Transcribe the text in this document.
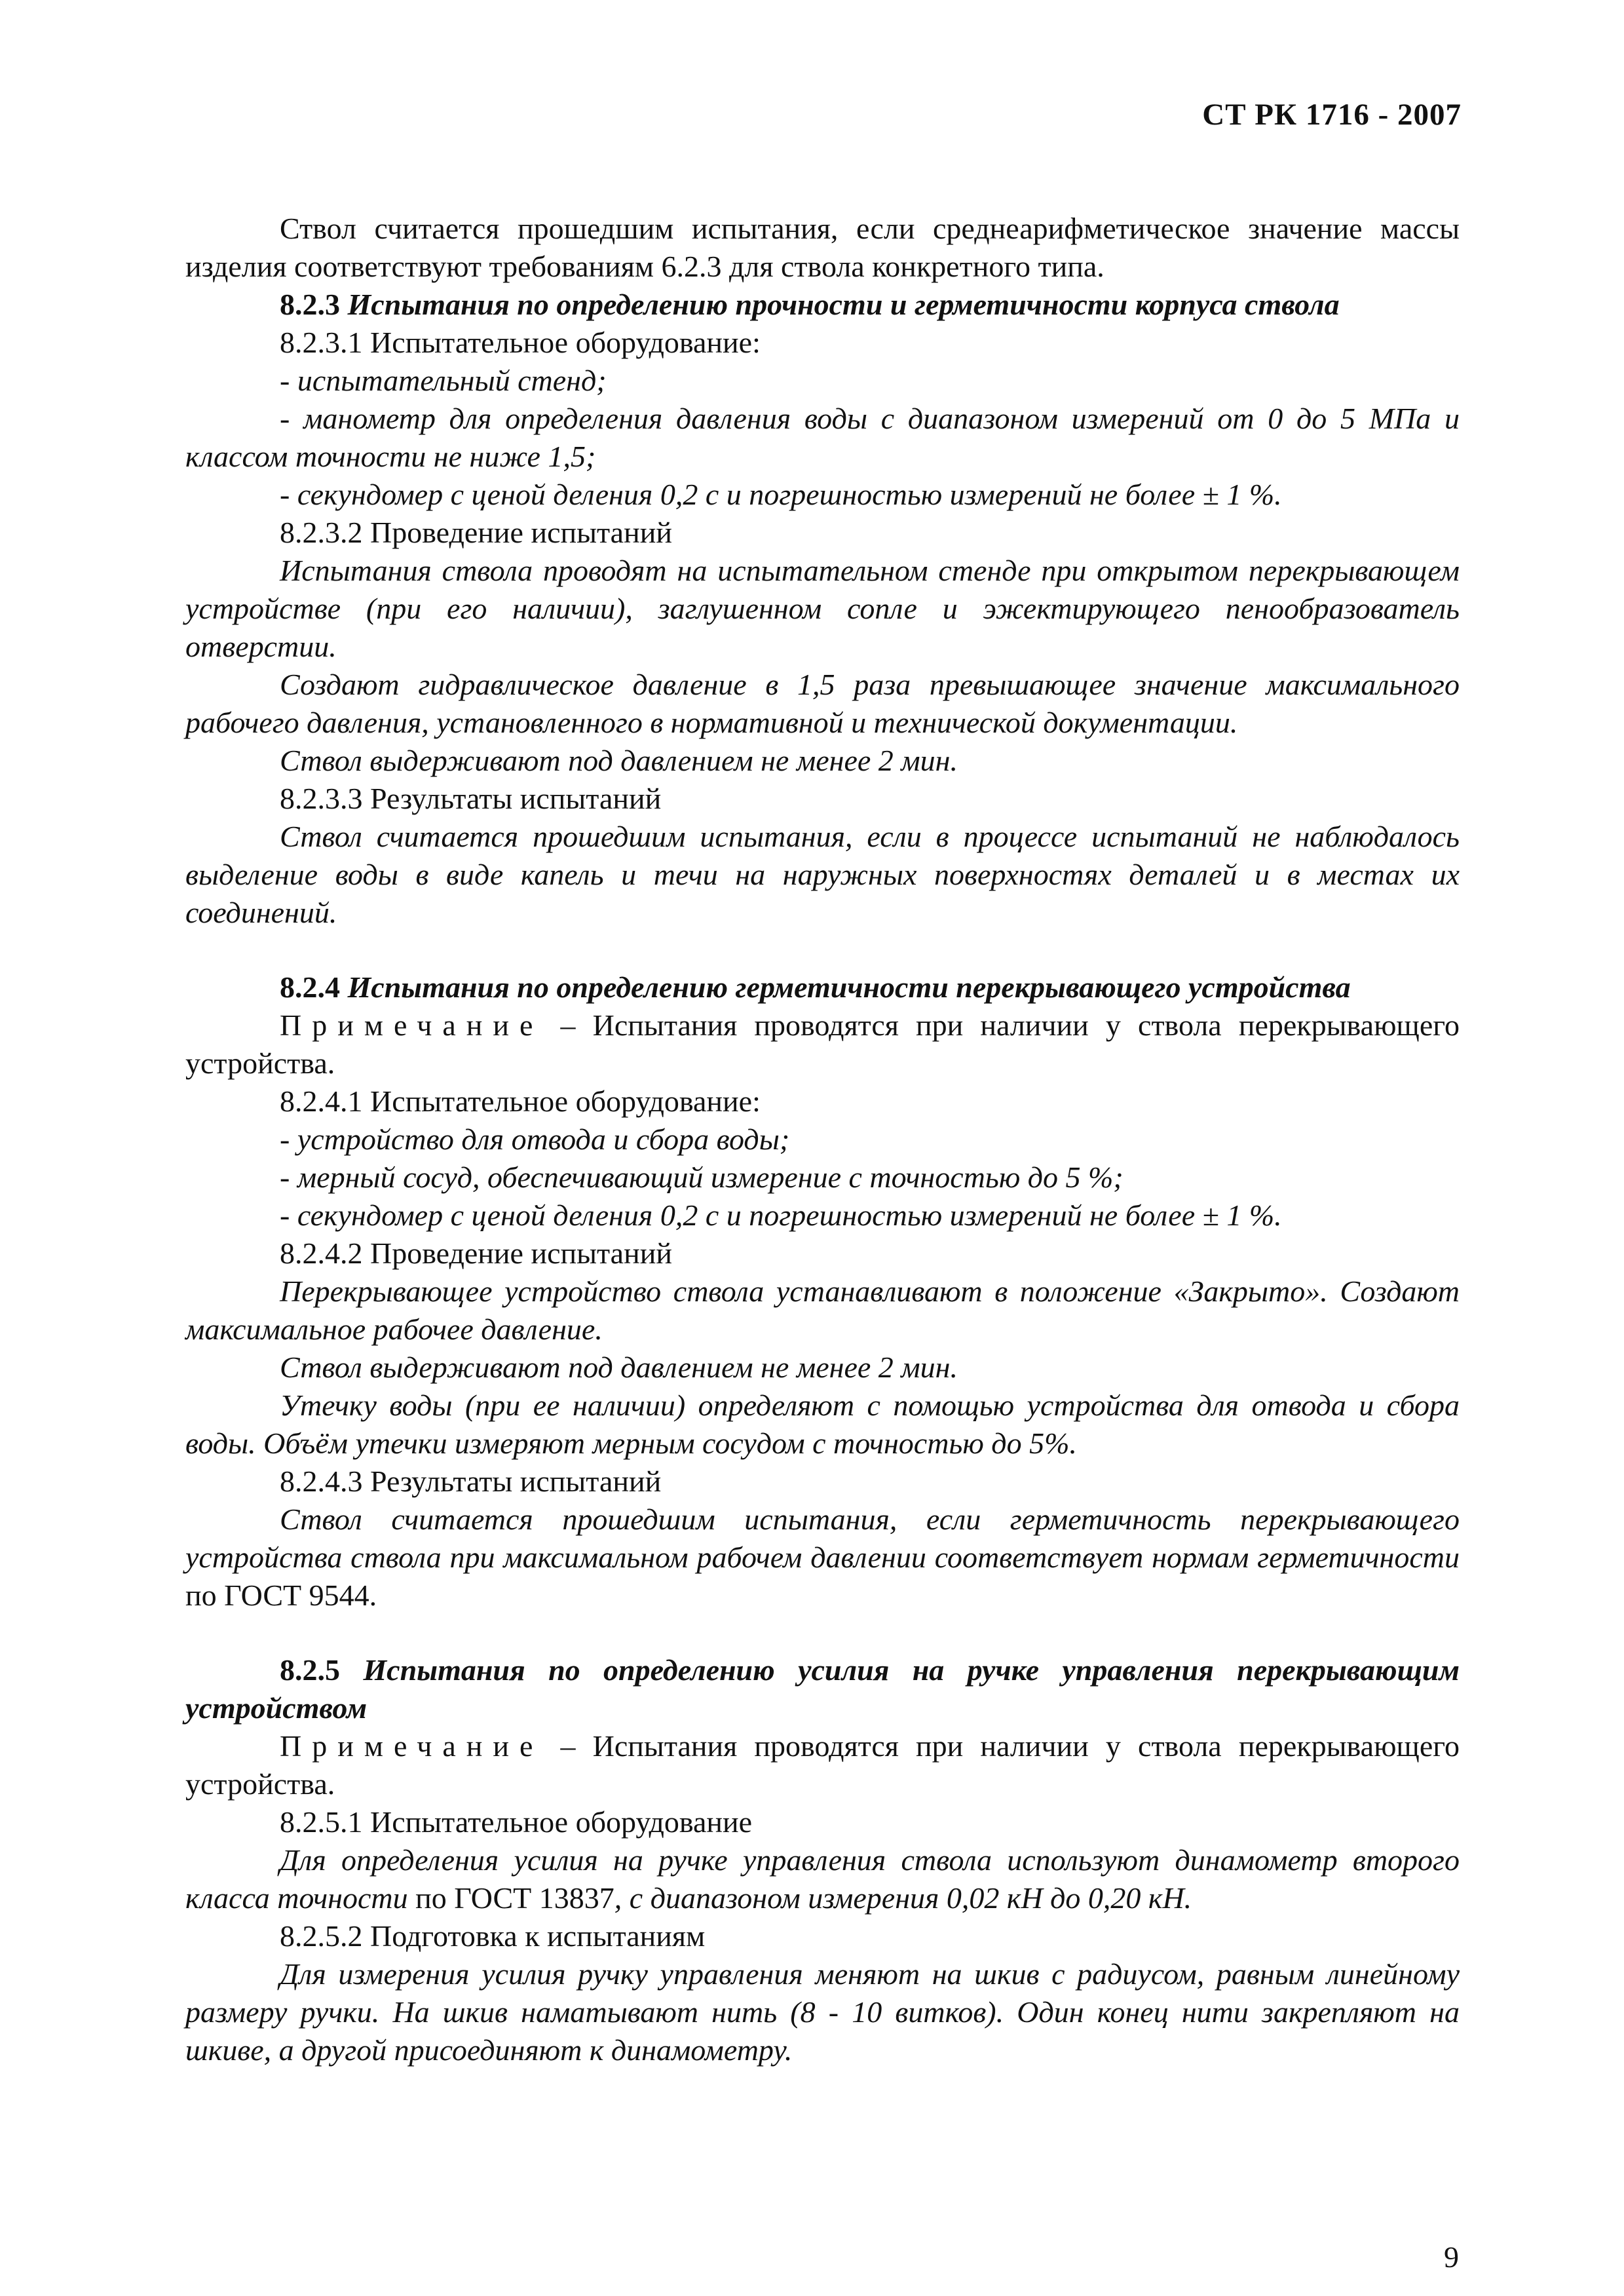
СТ РК 1716 - 2007

Ствол считается прошедшим испытания, если среднеарифметическое значение массы изделия соответствуют требованиям 6.2.3 для ствола конкретного типа.

8.2.3 Испытания по определению прочности и герметичности корпуса ствола

8.2.3.1 Испытательное оборудование:

- испытательный стенд;

- манометр для определения давления воды с диапазоном измерений от 0 до 5 МПа и классом точности не ниже 1,5;

- секундомер с ценой деления 0,2 с и погрешностью измерений не более ± 1 %.

8.2.3.2 Проведение испытаний

Испытания ствола проводят на испытательном стенде при открытом перекрывающем устройстве (при его наличии), заглушенном сопле и эжектирующего пенообразователь отверстии.

Создают гидравлическое давление в 1,5 раза превышающее значение максимального рабочего давления, установленного в нормативной и технической документации.

Ствол выдерживают под давлением не менее 2 мин.

8.2.3.3 Результаты испытаний

Ствол считается прошедшим испытания, если в процессе испытаний не наблюдалось выделение воды в виде капель и течи на наружных поверхностях деталей и в местах их соединений.

8.2.4 Испытания по определению герметичности перекрывающего устройства

Примечание – Испытания проводятся при наличии у ствола перекрывающего устройства.

8.2.4.1 Испытательное оборудование:

- устройство для отвода и сбора воды;

- мерный сосуд, обеспечивающий измерение с точностью до 5 %;

- секундомер с ценой деления 0,2 с и погрешностью измерений не более ± 1 %.

8.2.4.2 Проведение испытаний

Перекрывающее устройство ствола устанавливают в положение «Закрыто». Создают максимальное рабочее давление.

Ствол выдерживают под давлением не менее 2 мин.

Утечку воды (при ее наличии) определяют с помощью устройства для отвода и сбора воды. Объём утечки измеряют мерным сосудом с точностью до 5%.

8.2.4.3 Результаты испытаний

Ствол считается прошедшим испытания, если герметичность перекрывающего устройства ствола при максимальном рабочем давлении соответствует нормам герметичности по ГОСТ 9544.

8.2.5 Испытания по определению усилия на ручке управления перекрывающим устройством

Примечание – Испытания проводятся при наличии у ствола перекрывающего устройства.

8.2.5.1 Испытательное оборудование

Для определения усилия на ручке управления ствола используют динамометр второго класса точности по ГОСТ 13837, с диапазоном измерения 0,02 кН до 0,20 кН.

8.2.5.2 Подготовка к испытаниям

Для измерения усилия ручку управления меняют на шкив с радиусом, равным линейному размеру ручки. На шкив наматывают нить (8 - 10 витков). Один конец нити закрепляют на шкиве, а другой присоединяют к динамометру.

9
